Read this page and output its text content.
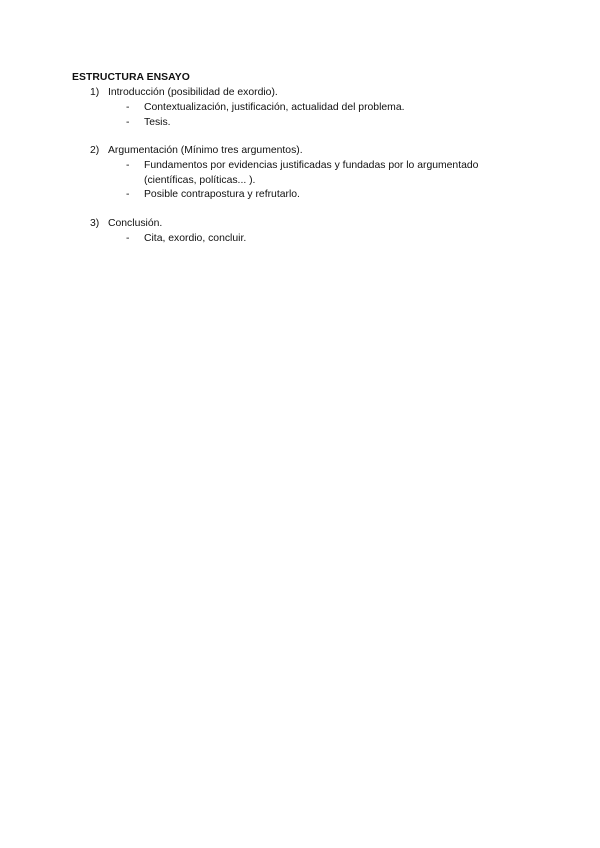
ESTRUCTURA ENSAYO
1) Introducción (posibilidad de exordio).
- Contextualización, justificación, actualidad del problema.
- Tesis.
2) Argumentación (Mínimo tres argumentos).
- Fundamentos por evidencias justificadas y fundadas por lo argumentado (científicas, políticas... ).
- Posible contrapostura y refrutarlo.
3) Conclusión.
- Cita, exordio, concluir.
